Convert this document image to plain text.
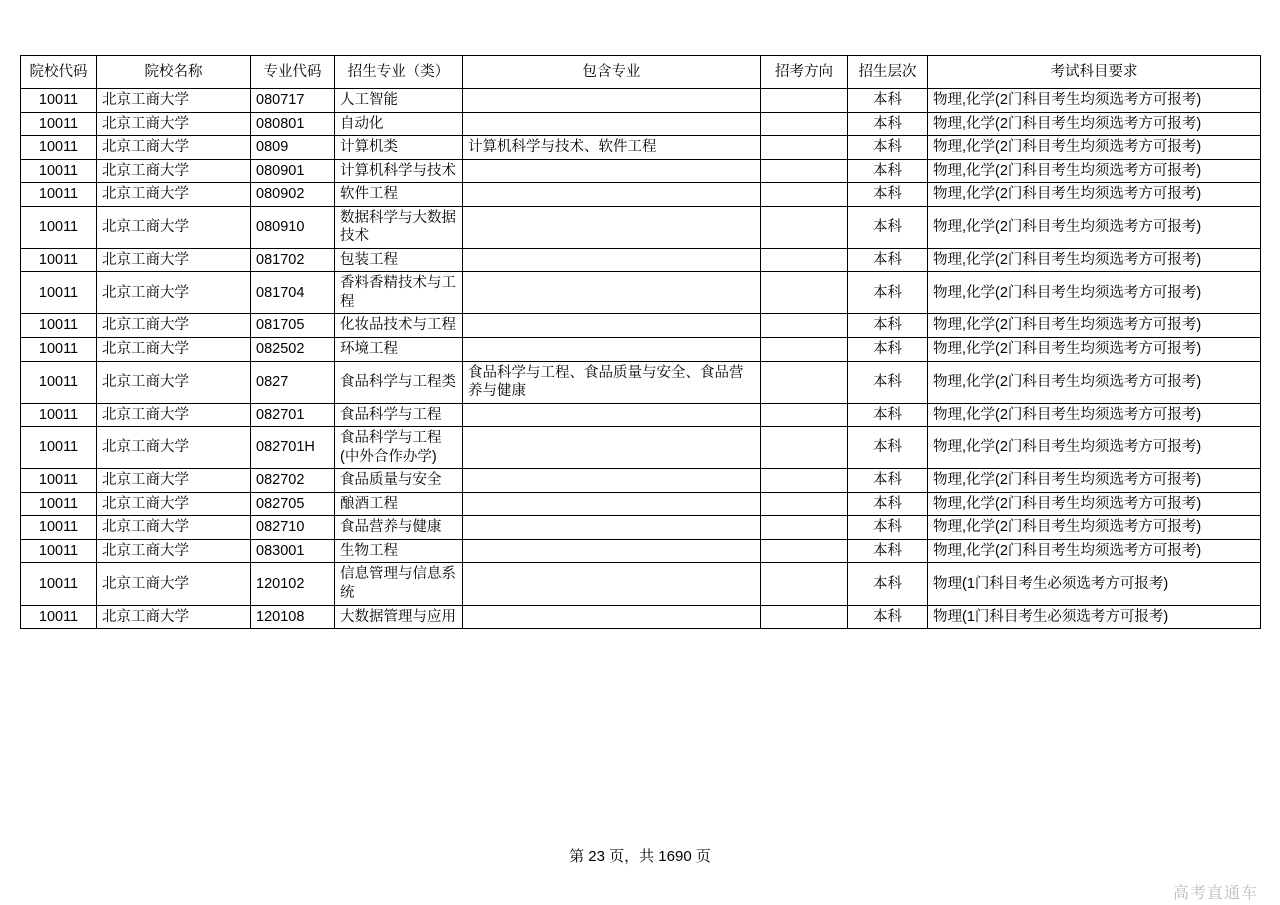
院校代码	院校名称	专业代码	招生专业（类）	包含专业	招考方向	招生层次	考试科目要求
10011	北京工商大学	080717	人工智能			本科	物理,化学(2门科目考生均须选考方可报考)
10011	北京工商大学	080801	自动化			本科	物理,化学(2门科目考生均须选考方可报考)
10011	北京工商大学	0809	计算机类	计算机科学与技术、软件工程		本科	物理,化学(2门科目考生均须选考方可报考)
10011	北京工商大学	080901	计算机科学与技术			本科	物理,化学(2门科目考生均须选考方可报考)
10011	北京工商大学	080902	软件工程			本科	物理,化学(2门科目考生均须选考方可报考)
10011	北京工商大学	080910	数据科学与大数据技术			本科	物理,化学(2门科目考生均须选考方可报考)
10011	北京工商大学	081702	包装工程			本科	物理,化学(2门科目考生均须选考方可报考)
10011	北京工商大学	081704	香料香精技术与工程			本科	物理,化学(2门科目考生均须选考方可报考)
10011	北京工商大学	081705	化妆品技术与工程			本科	物理,化学(2门科目考生均须选考方可报考)
10011	北京工商大学	082502	环境工程			本科	物理,化学(2门科目考生均须选考方可报考)
10011	北京工商大学	0827	食品科学与工程类	食品科学与工程、食品质量与安全、食品营养与健康		本科	物理,化学(2门科目考生均须选考方可报考)
10011	北京工商大学	082701	食品科学与工程			本科	物理,化学(2门科目考生均须选考方可报考)
10011	北京工商大学	082701H	食品科学与工程(中外合作办学)			本科	物理,化学(2门科目考生均须选考方可报考)
10011	北京工商大学	082702	食品质量与安全			本科	物理,化学(2门科目考生均须选考方可报考)
10011	北京工商大学	082705	酿酒工程			本科	物理,化学(2门科目考生均须选考方可报考)
10011	北京工商大学	082710	食品营养与健康			本科	物理,化学(2门科目考生均须选考方可报考)
10011	北京工商大学	083001	生物工程			本科	物理,化学(2门科目考生均须选考方可报考)
10011	北京工商大学	120102	信息管理与信息系统			本科	物理(1门科目考生必须选考方可报考)
10011	北京工商大学	120108	大数据管理与应用			本科	物理(1门科目考生必须选考方可报考)
第 23 页，共 1690 页
高考直通车
